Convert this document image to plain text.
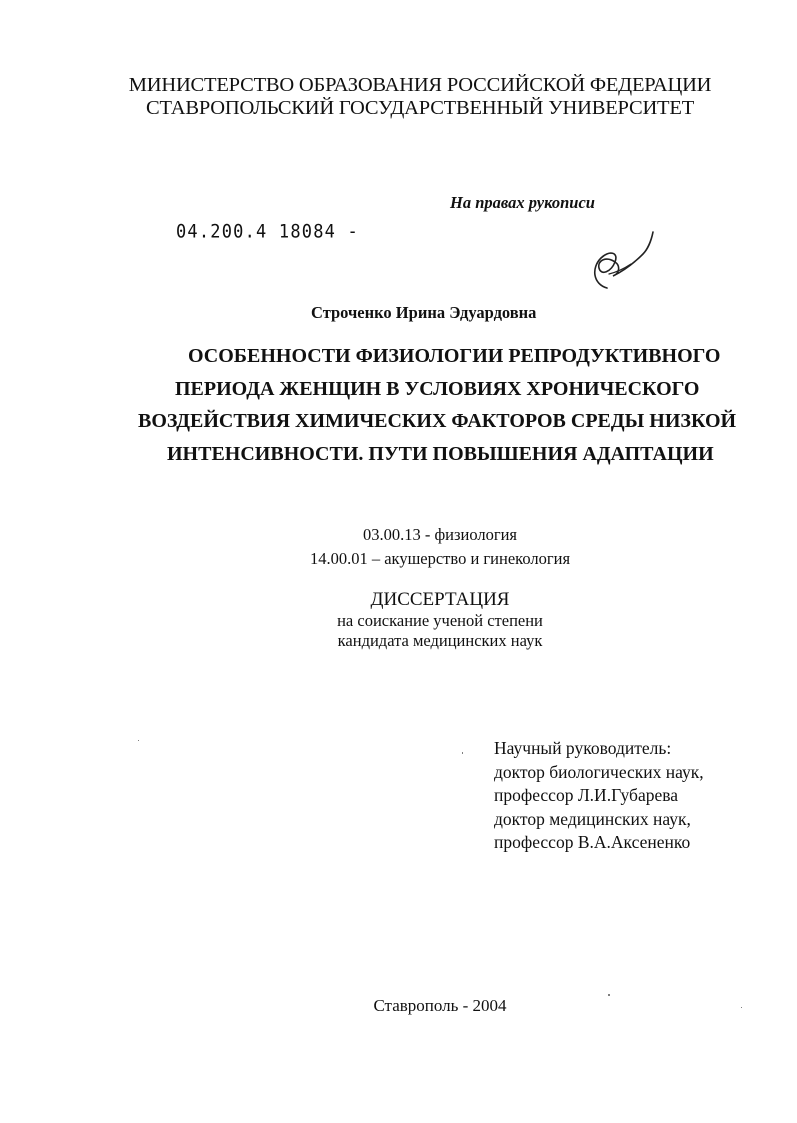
МИНИСТЕРСТВО ОБРАЗОВАНИЯ РОССИЙСКОЙ ФЕДЕРАЦИИ
СТАВРОПОЛЬСКИЙ ГОСУДАРСТВЕННЫЙ УНИВЕРСИТЕТ
На правах рукописи
04.200.4 18084 -
Строченко Ирина Эдуардовна
ОСОБЕННОСТИ ФИЗИОЛОГИИ РЕПРОДУКТИВНОГО
ПЕРИОДА ЖЕНЩИН В УСЛОВИЯХ ХРОНИЧЕСКОГО
ВОЗДЕЙСТВИЯ ХИМИЧЕСКИХ ФАКТОРОВ СРЕДЫ НИЗКОЙ
ИНТЕНСИВНОСТИ. ПУТИ ПОВЫШЕНИЯ АДАПТАЦИИ
03.00.13 - физиология
14.00.01 – акушерство и гинекология
ДИССЕРТАЦИЯ
на соискание ученой степени
кандидата медицинских наук
Научный руководитель:
доктор биологических наук,
профессор Л.И.Губарева
доктор медицинских наук,
профессор В.А.Аксененко
Ставрополь - 2004
